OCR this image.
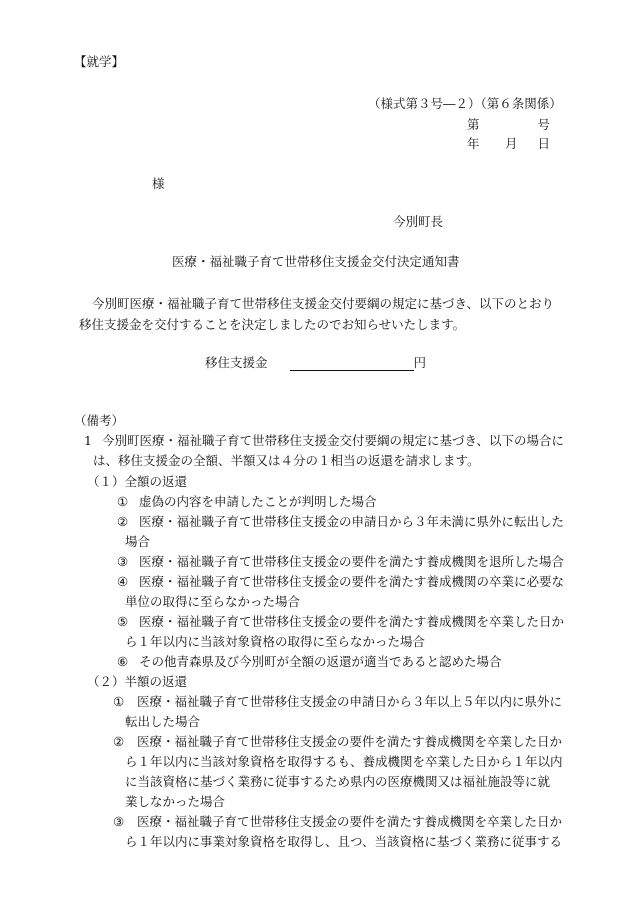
【就学】
（様式第３号―２）（第６条関係）
第	号
年 月 日
様
今別町長
医療・福祉職子育て世帯移住支援金交付決定通知書
今別町医療・福祉職子育て世帯移住支援金交付要綱の規定に基づき、以下のとおり移住支援金を交付することを決定しましたのでお知らせいたします。
移住支援金	円
（備考）
1 今別町医療・福祉職子育て世帯移住支援金交付要綱の規定に基づき、以下の場合に
は、移住支援金の全額、半額又は４分の１相当の返還を請求します。
（１）全額の返還
① 虚偽の内容を申請したことが判明した場合
② 医療・福祉職子育て世帯移住支援金の申請日から３年未満に県外に転出した
場合
③ 医療・福祉職子育て世帯移住支援金の要件を満たす養成機関を退所した場合
④ 医療・福祉職子育て世帯移住支援金の要件を満たす養成機関の卒業に必要な
単位の取得に至らなかった場合
⑤ 医療・福祉職子育て世帯移住支援金の要件を満たす養成機関を卒業した日か
ら１年以内に当該対象資格の取得に至らなかった場合
⑥ その他青森県及び今別町が全額の返還が適当であると認めた場合
（２）半額の返還
① 医療・福祉職子育て世帯移住支援金の申請日から３年以上５年以内に県外に
転出した場合
② 医療・福祉職子育て世帯移住支援金の要件を満たす養成機関を卒業した日か
ら１年以内に当該対象資格を取得するも、養成機関を卒業した日から１年以内
に当該資格に基づく業務に従事するため県内の医療機関又は福祉施設等に就
業しなかった場合
③ 医療・福祉職子育て世帯移住支援金の要件を満たす養成機関を卒業した日か
ら１年以内に事業対象資格を取得し、且つ、当該資格に基づく業務に従事する
